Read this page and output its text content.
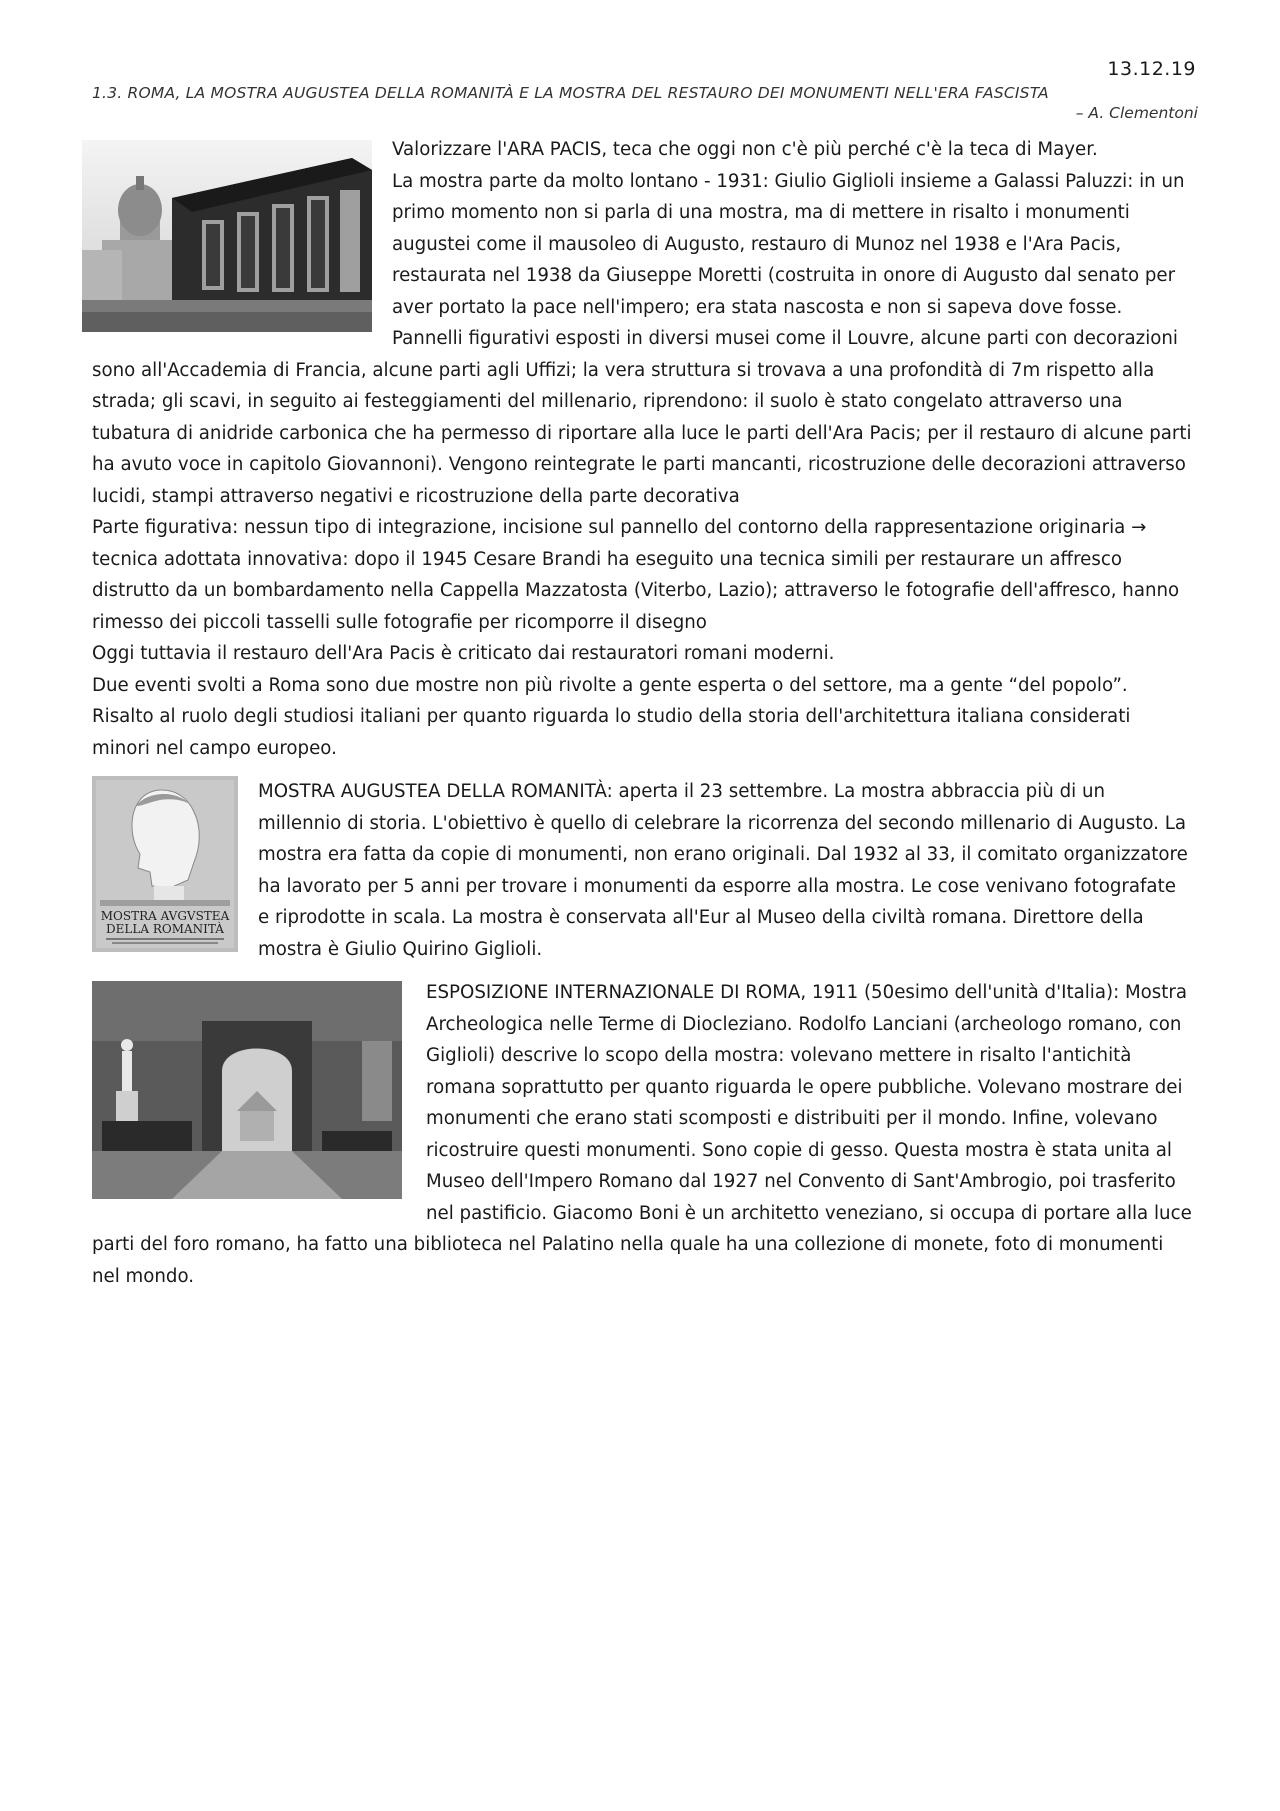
13.12.19
1.3. ROMA, LA MOSTRA AUGUSTEA DELLA ROMANITÀ E LA MOSTRA DEL RESTAURO DEI MONUMENTI NELL'ERA FASCISTA
– A. Clementoni

Valorizzare l'ARA PACIS, teca che oggi non c'è più perché c'è la teca di Mayer.

La mostra parte da molto lontano - 1931: Giulio Giglioli insieme a Galassi Paluzzi: in un primo momento non si parla di una mostra, ma di mettere in risalto i monumenti augustei come il mausoleo di Augusto, restauro di Munoz nel 1938 e l'Ara Pacis, restaurata nel 1938 da Giuseppe Moretti (costruita in onore di Augusto dal senato per aver portato la pace nell'impero; era stata nascosta e non si sapeva dove fosse. Pannelli figurativi esposti in diversi musei come il Louvre, alcune parti con decorazioni sono all'Accademia di Francia, alcune parti agli Uffizi; la vera struttura si trovava a una profondità di 7m rispetto alla strada; gli scavi, in seguito ai festeggiamenti del millenario, riprendono: il suolo è stato congelato attraverso una tubatura di anidride carbonica che ha permesso di riportare alla luce le parti dell'Ara Pacis; per il restauro di alcune parti ha avuto voce in capitolo Giovannoni). Vengono reintegrate le parti mancanti, ricostruzione delle decorazioni attraverso lucidi, stampi attraverso negativi e ricostruzione della parte decorativa

Parte figurativa: nessun tipo di integrazione, incisione sul pannello del contorno della rappresentazione originaria → tecnica adottata innovativa: dopo il 1945 Cesare Brandi ha eseguito una tecnica simili per restaurare un affresco distrutto da un bombardamento nella Cappella Mazzatosta (Viterbo, Lazio); attraverso le fotografie dell'affresco, hanno rimesso dei piccoli tasselli sulle fotografie per ricomporre il disegno

Oggi tuttavia il restauro dell'Ara Pacis è criticato dai restauratori romani moderni.

Due eventi svolti a Roma sono due mostre non più rivolte a gente esperta o del settore, ma a gente “del popolo”. Risalto al ruolo degli studiosi italiani per quanto riguarda lo studio della storia dell'architettura italiana considerati minori nel campo europeo.

MOSTRA AVGVSTEA
DELLA ROMANITÀ

MOSTRA AUGUSTEA DELLA ROMANITÀ: aperta il 23 settembre. La mostra abbraccia più di un millennio di storia. L'obiettivo è quello di celebrare la ricorrenza del secondo millenario di Augusto. La mostra era fatta da copie di monumenti, non erano originali. Dal 1932 al 33, il comitato organizzatore ha lavorato per 5 anni per trovare i monumenti da esporre alla mostra. Le cose venivano fotografate e riprodotte in scala. La mostra è conservata all'Eur al Museo della civiltà romana. Direttore della mostra è Giulio Quirino Giglioli.

ESPOSIZIONE INTERNAZIONALE DI ROMA, 1911 (50esimo dell'unità d'Italia): Mostra Archeologica nelle Terme di Diocleziano. Rodolfo Lanciani (archeologo romano, con Giglioli) descrive lo scopo della mostra: volevano mettere in risalto l'antichità romana soprattutto per quanto riguarda le opere pubbliche. Volevano mostrare dei monumenti che erano stati scomposti e distribuiti per il mondo. Infine, volevano ricostruire questi monumenti. Sono copie di gesso. Questa mostra è stata unita al Museo dell'Impero Romano dal 1927 nel Convento di Sant'Ambrogio, poi trasferito nel pastificio. Giacomo Boni è un architetto veneziano, si occupa di portare alla luce parti del foro romano, ha fatto una biblioteca nel Palatino nella quale ha una collezione di monete, foto di monumenti nel mondo.
